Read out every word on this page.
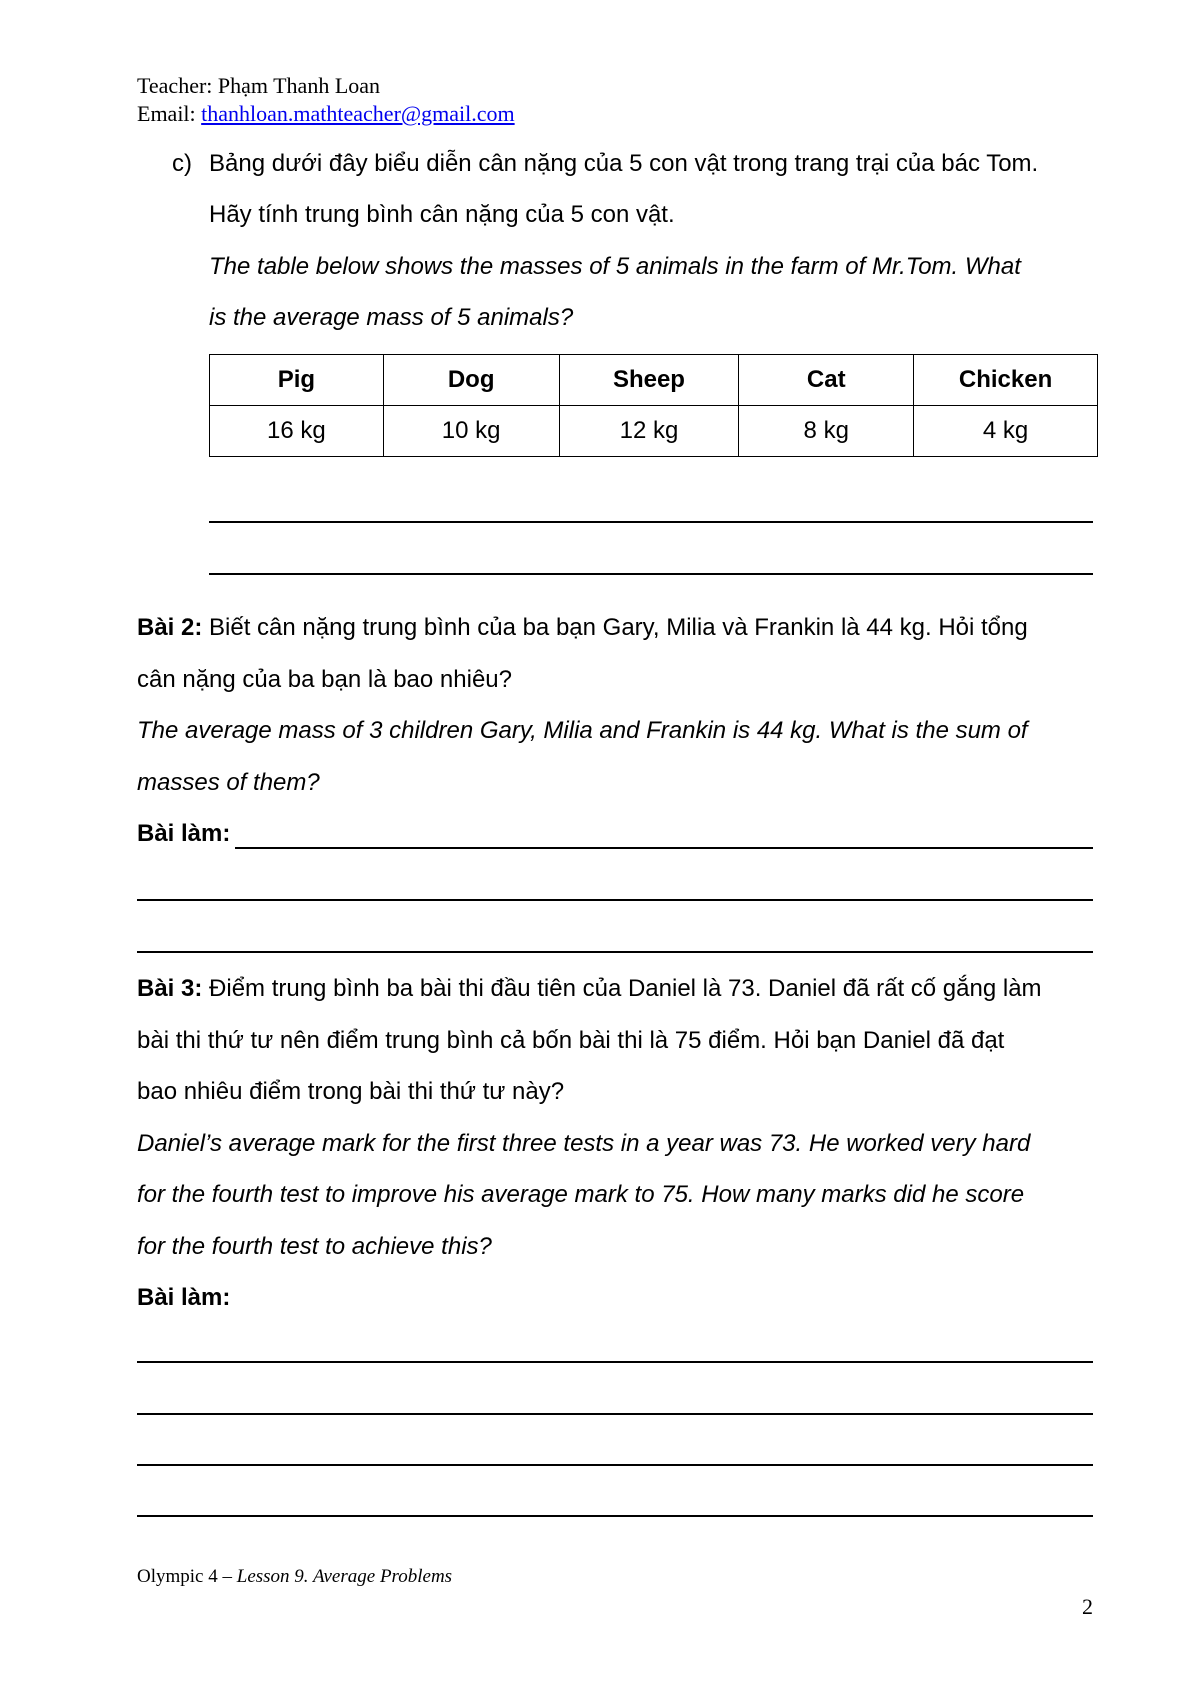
Teacher: Phạm Thanh Loan
Email: thanhloan.mathteacher@gmail.com
c) Bảng dưới đây biểu diễn cân nặng của 5 con vật trong trang trại của bác Tom.
Hãy tính trung bình cân nặng của 5 con vật.
The table below shows the masses of 5 animals in the farm of Mr.Tom. What
is the average mass of 5 animals?
Pig	Dog	Sheep	Cat	Chicken
16 kg	10 kg	12 kg	8 kg	4 kg
Bài 2: Biết cân nặng trung bình của ba bạn Gary, Milia và Frankin là 44 kg. Hỏi tổng
cân nặng của ba bạn là bao nhiêu?
The average mass of 3 children Gary, Milia and Frankin is 44 kg. What is the sum of
masses of them?
Bài làm:
Bài 3: Điểm trung bình ba bài thi đầu tiên của Daniel là 73. Daniel đã rất cố gắng làm
bài thi thứ tư nên điểm trung bình cả bốn bài thi là 75 điểm. Hỏi bạn Daniel đã đạt
bao nhiêu điểm trong bài thi thứ tư này?
Daniel’s average mark for the first three tests in a year was 73. He worked very hard
for the fourth test to improve his average mark to 75. How many marks did he score
for the fourth test to achieve this?
Bài làm:
Olympic 4 – Lesson 9. Average Problems
2
